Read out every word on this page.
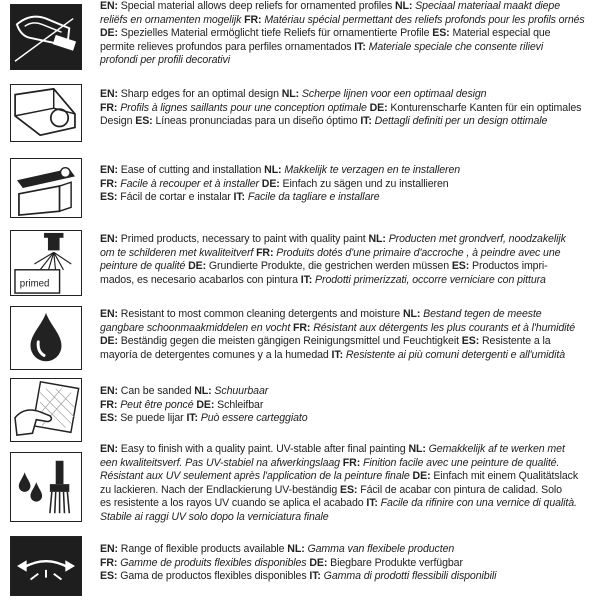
EN: Special material allows deep reliefs for ornamented profiles NL: Speciaal materiaal maakt diepe
reliëfs en ornamenten mogelijk FR: Matériau spécial permettant des reliefs profonds pour les profils ornés
DE: Spezielles Material ermöglicht tiefe Reliefs für ornamentierte Profile ES: Material especial que
permite relieves profundos para perfiles ornamentados IT: Materiale speciale che consente rilievi
profondi per profili decorativi
EN: Sharp edges for an optimal design NL: Scherpe lijnen voor een optimaal design
FR: Profils à lignes saillants pour une conception optimale DE: Konturenscharfe Kanten für ein optimales
Design ES: Líneas pronunciadas para un diseño óptimo IT: Dettagli definiti per un design ottimale
EN: Ease of cutting and installation NL: Makkelijk te verzagen en te installeren
FR: Facile à recouper et à installer DE: Einfach zu sägen und zu installieren
ES: Fácil de cortar e instalar IT: Facile da tagliare e installare
primed
EN: Primed products, necessary to paint with quality paint NL: Producten met grondverf, noodzakelijk
om te schilderen met kwaliteitverf FR: Produits dotés d'une primaire d'accroche , à peindre avec une
peinture de qualité DE: Grundierte Produkte, die gestrichen werden müssen ES: Productos impri-
mados, es necesario acabarlos con pintura IT: Prodotti primerizzati, occorre verniciare con pittura
EN: Resistant to most common cleaning detergents and moisture NL: Bestand tegen de meeste
gangbare schoonmaakmiddelen en vocht FR: Résistant aux détergents les plus courants et à l'humidité
DE: Beständig gegen die meisten gängigen Reinigungsmittel und Feuchtigkeit ES: Resistente a la
mayoría de detergentes comunes y a la humedad IT: Resistente ai più comuni detergenti e all'umidità
EN: Can be sanded NL: Schuurbaar
FR: Peut être poncé DE: Schleifbar
ES: Se puede lijar IT: Può essere carteggiato
EN: Easy to finish with a quality paint. UV-stable after final painting NL: Gemakkelijk af te werken met
een kwaliteitsverf. Pas UV-stabiel na afwerkingslaag FR: Finition facile avec une peinture de qualité.
Résistant aux UV seulement après l'application de la peinture finale DE: Einfach mit einem Qualitätslack
zu lackieren. Nach der Endlackierung UV-beständig ES: Fácil de acabar con pintura de calidad. Solo
es resistente a los rayos UV cuando se aplica el acabado IT: Facile da rifinire con una vernice di qualità.
Stabile ai raggi UV solo dopo la verniciatura finale
EN: Range of flexible products available NL: Gamma van flexibele producten
FR: Gamme de produits flexibles disponibles DE: Biegbare Produkte verfügbar
ES: Gama de productos flexibles disponibles IT: Gamma di prodotti flessibili disponibili
